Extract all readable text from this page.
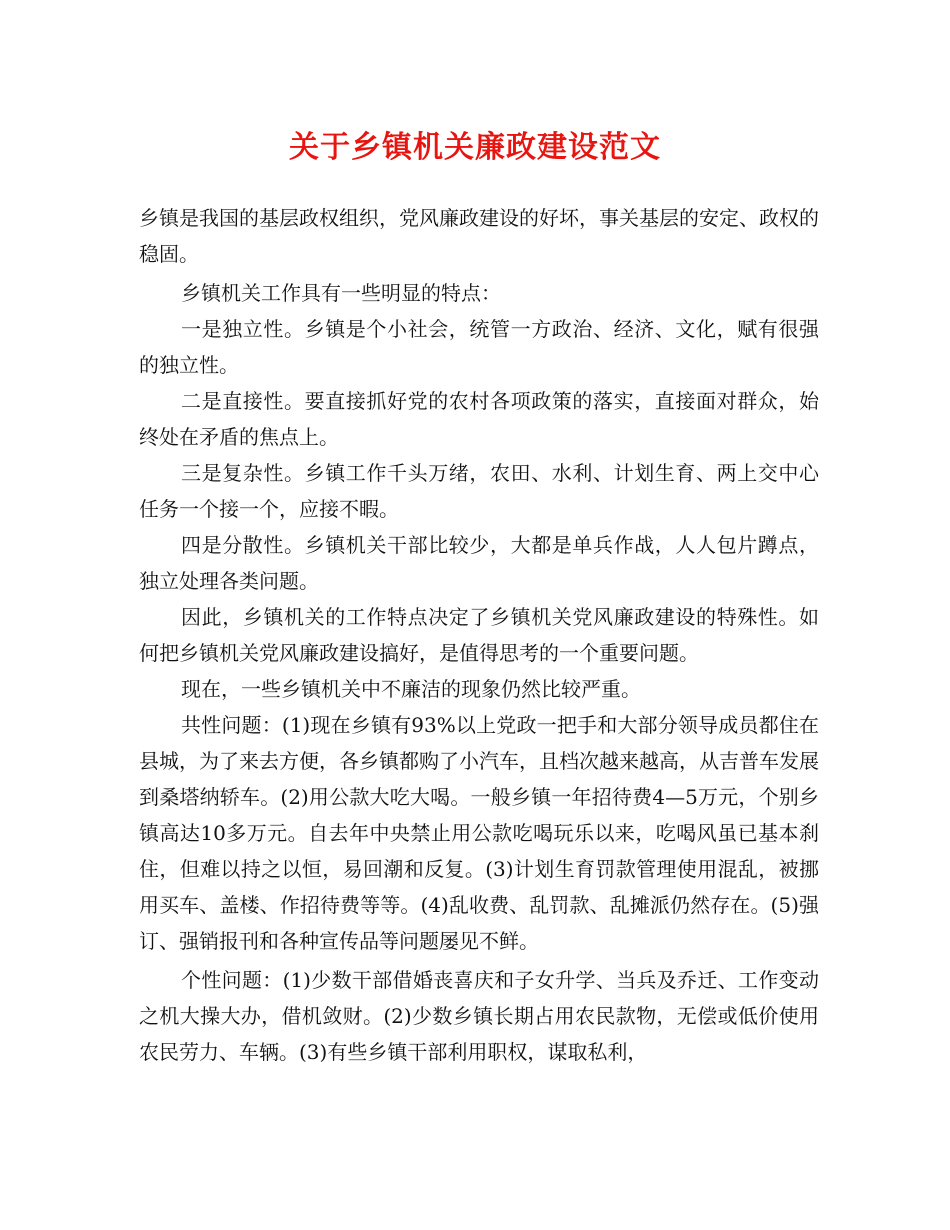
关于乡镇机关廉政建设范文

乡镇是我国的基层政权组织，党风廉政建设的好坏，事关基层的安定、政权的稳固。

乡镇机关工作具有一些明显的特点：

一是独立性。乡镇是个小社会，统管一方政治、经济、文化，赋有很强的独立性。

二是直接性。要直接抓好党的农村各项政策的落实，直接面对群众，始终处在矛盾的焦点上。

三是复杂性。乡镇工作千头万绪，农田、水利、计划生育、两上交中心任务一个接一个，应接不暇。

四是分散性。乡镇机关干部比较少，大都是单兵作战，人人包片蹲点，独立处理各类问题。

因此，乡镇机关的工作特点决定了乡镇机关党风廉政建设的特殊性。如何把乡镇机关党风廉政建设搞好，是值得思考的一个重要问题。

现在，一些乡镇机关中不廉洁的现象仍然比较严重。

共性问题：(1)现在乡镇有93%以上党政一把手和大部分领导成员都住在县城，为了来去方便，各乡镇都购了小汽车，且档次越来越高，从吉普车发展到桑塔纳轿车。(2)用公款大吃大喝。一般乡镇一年招待费4—5万元，个别乡镇高达10多万元。自去年中央禁止用公款吃喝玩乐以来，吃喝风虽已基本刹住，但难以持之以恒，易回潮和反复。(3)计划生育罚款管理使用混乱，被挪用买车、盖楼、作招待费等等。(4)乱收费、乱罚款、乱摊派仍然存在。(5)强订、强销报刊和各种宣传品等问题屡见不鲜。

个性问题：(1)少数干部借婚丧喜庆和子女升学、当兵及乔迁、工作变动之机大操大办，借机敛财。(2)少数乡镇长期占用农民款物，无偿或低价使用农民劳力、车辆。(3)有些乡镇干部利用职权，谋取私利，
